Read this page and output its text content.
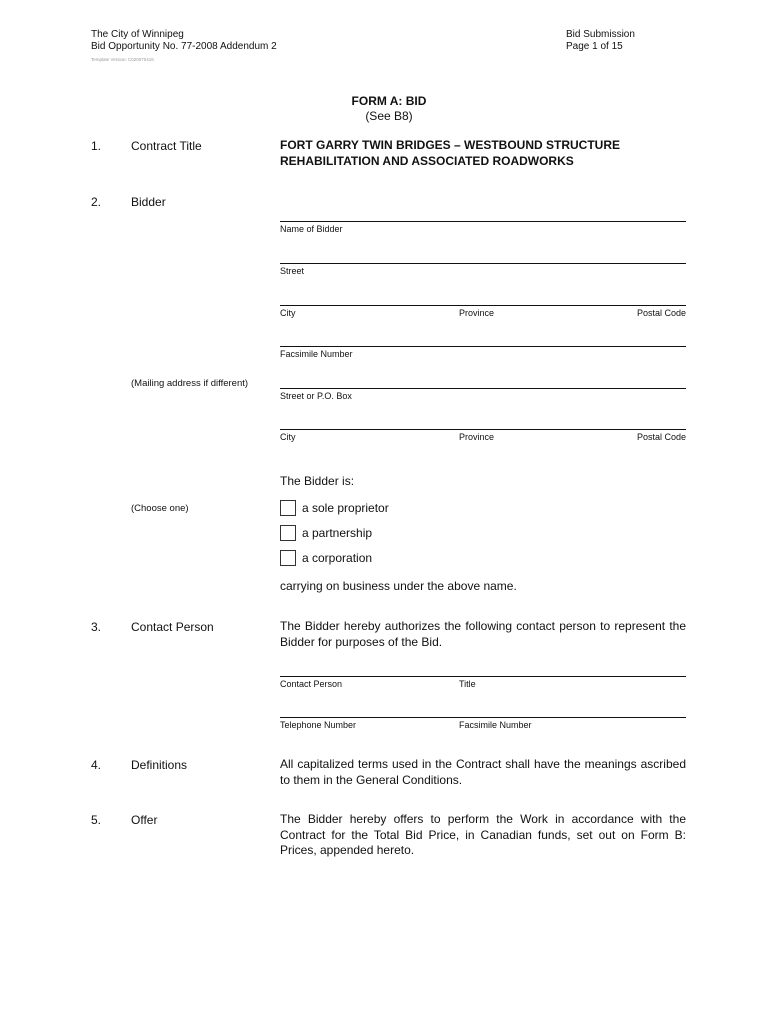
The City of Winnipeg
Bid Opportunity No. 77-2008 Addendum 2
Template Version: C020070416
Bid Submission
Page 1 of 15
FORM A: BID
(See B8)
1. Contract Title	FORT GARRY TWIN BRIDGES – WESTBOUND STRUCTURE
REHABILITATION AND ASSOCIATED ROADWORKS
2. Bidder
Name of Bidder
Street
City	Province	Postal Code
Facsimile Number
(Mailing address if different)
Street or P.O. Box
City	Province	Postal Code
The Bidder is:
(Choose one)	a sole proprietor
a partnership
a corporation
carrying on business under the above name.
3. Contact Person	The Bidder hereby authorizes the following contact person to represent the Bidder for purposes of the Bid.
Contact Person	Title
Telephone Number	Facsimile Number
4. Definitions	All capitalized terms used in the Contract shall have the meanings ascribed to them in the General Conditions.
5. Offer	The Bidder hereby offers to perform the Work in accordance with the Contract for the Total Bid Price, in Canadian funds, set out on Form B: Prices, appended hereto.
